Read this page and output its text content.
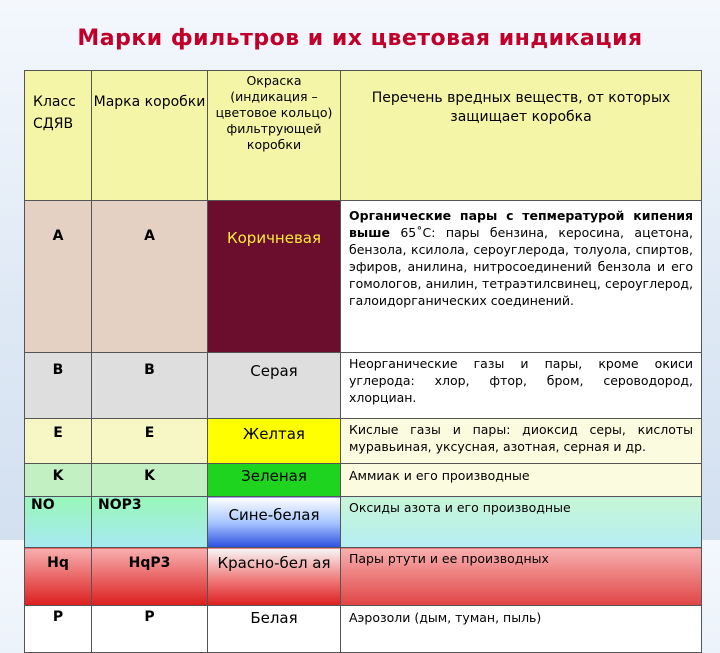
Марки фильтров и их цветовая индикация
Класс СДЯВ	Марка коробки	Окраска (индикация – цветовое кольцо) фильтрующей коробки	Перечень вредных веществ, от которых защищает коробка
A	A	Коричневая	Органические пары с тепмературой кипения выше 65˚С: пары бензина, керосина, ацетона, бензола, ксилола, сероуглерода, толуола, спиртов, эфиров, анилина, нитросоединений бензола и его гомологов, анилин, тетраэтилсвинец, сероуглерод, галоидорганических соединений.
B	B	Серая	Неорганические газы и пары, кроме окиси углерода: хлор, фтор, бром, сероводород, хлорциан.
E	E	Желтая	Кислые газы и пары: диоксид серы, кислоты муравьиная, уксусная, азотная, серная и др.
K	K	Зеленая	Аммиак и его производные
NO	NOP3	Сине-белая	Оксиды азота и его производные
Hq	HqP3	Красно-бел ая	Пары ртути и ее производных
P	P	Белая	Аэрозоли (дым, туман, пыль)
